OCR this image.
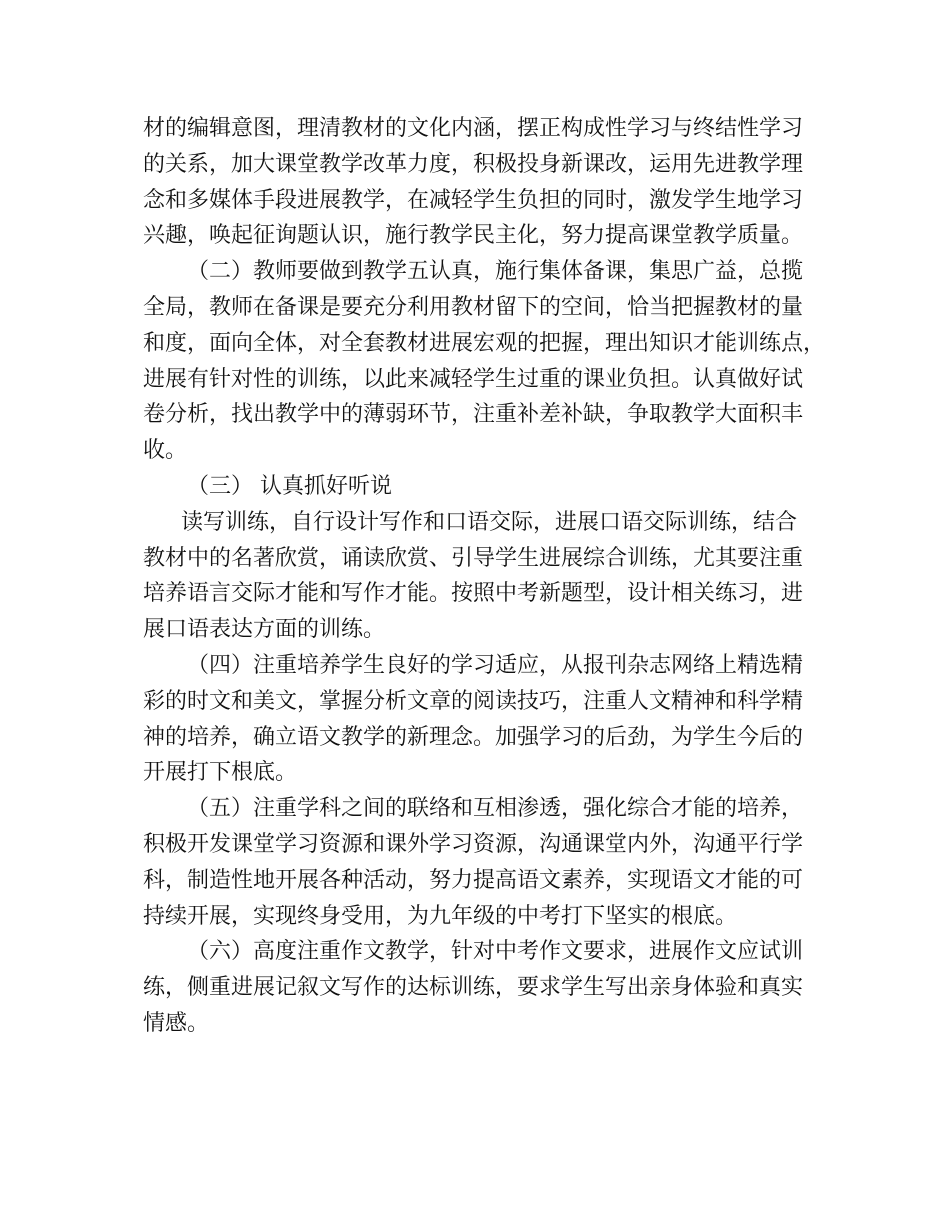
材的编辑意图，理清教材的文化内涵，摆正构成性学习与终结性学习
的关系，加大课堂教学改革力度，积极投身新课改，运用先进教学理
念和多媒体手段进展教学，在减轻学生负担的同时，激发学生地学习
兴趣，唤起征询题认识，施行教学民主化，努力提高课堂教学质量。
（二）教师要做到教学五认真，施行集体备课，集思广益，总揽
全局，教师在备课是要充分利用教材留下的空间，恰当把握教材的量
和度，面向全体，对全套教材进展宏观的把握，理出知识才能训练点，
进展有针对性的训练，以此来减轻学生过重的课业负担。认真做好试
卷分析，找出教学中的薄弱环节，注重补差补缺，争取教学大面积丰
收。
（三） 认真抓好听说
读写训练，自行设计写作和口语交际，进展口语交际训练，结合
教材中的名著欣赏，诵读欣赏、引导学生进展综合训练，尤其要注重
培养语言交际才能和写作才能。按照中考新题型，设计相关练习，进
展口语表达方面的训练。
（四）注重培养学生良好的学习适应，从报刊杂志网络上精选精
彩的时文和美文，掌握分析文章的阅读技巧，注重人文精神和科学精
神的培养，确立语文教学的新理念。加强学习的后劲，为学生今后的
开展打下根底。
（五）注重学科之间的联络和互相渗透，强化综合才能的培养，
积极开发课堂学习资源和课外学习资源，沟通课堂内外，沟通平行学
科，制造性地开展各种活动，努力提高语文素养，实现语文才能的可
持续开展，实现终身受用，为九年级的中考打下坚实的根底。
（六）高度注重作文教学，针对中考作文要求，进展作文应试训
练，侧重进展记叙文写作的达标训练，要求学生写出亲身体验和真实
情感。
